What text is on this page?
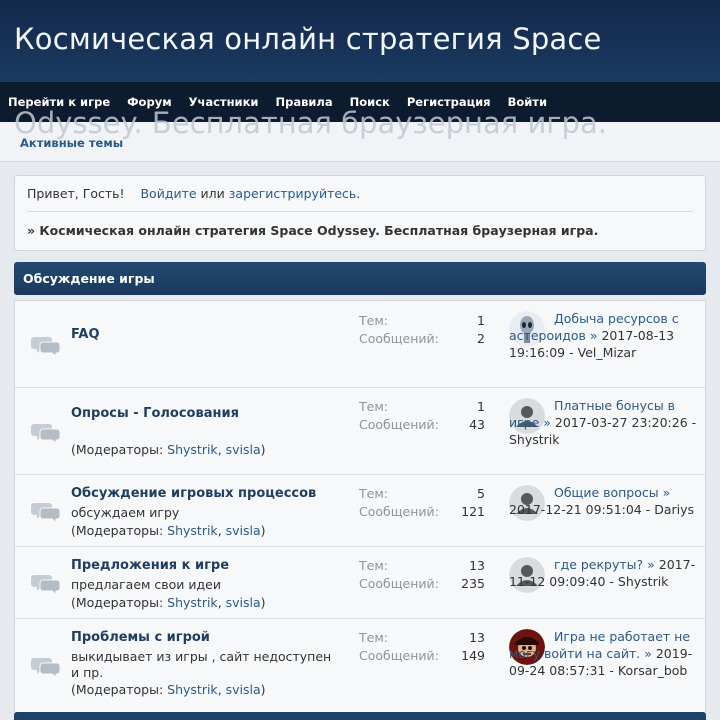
Космическая онлайн стратегия Space
Перейти к игре Форум Участники Правила Поиск Регистрация Войти
Odyssey. Бесплатная браузерная игра.
Активные темы
Привет, Гость! Войдите или зарегистрируйтесь.
» Космическая онлайн стратегия Space Odyssey. Бесплатная браузерная игра.
Обсуждение игры
FAQ
Тем:
Сообщений:
1
2
Добыча ресурсов с астероидов » 2017-08-13 19:16:09 - Vel_Mizar
Опросы - Голосования
(Модераторы: Shystrik, svisla)
Тем:
Сообщений:
1
43
Платные бонусы в игре » 2017-03-27 23:20:26 - Shystrik
Обсуждение игровых процессов
обсуждаем игру
(Модераторы: Shystrik, svisla)
Тем:
Сообщений:
5
121
Общие вопросы » 2017-12-21 09:51:04 - Dariys
Предложения к игре
предлагаем свои идеи
(Модераторы: Shystrik, svisla)
Тем:
Сообщений:
13
235
где рекруты? » 2017-11-12 09:09:40 - Shystrik
Проблемы с игрой
выкидывает из игры , сайт недоступен и пр.
(Модераторы: Shystrik, svisla)
Тем:
Сообщений:
13
149
Игра не работает не могу войти на сайт. » 2019-09-24 08:57:31 - Korsar_bob
